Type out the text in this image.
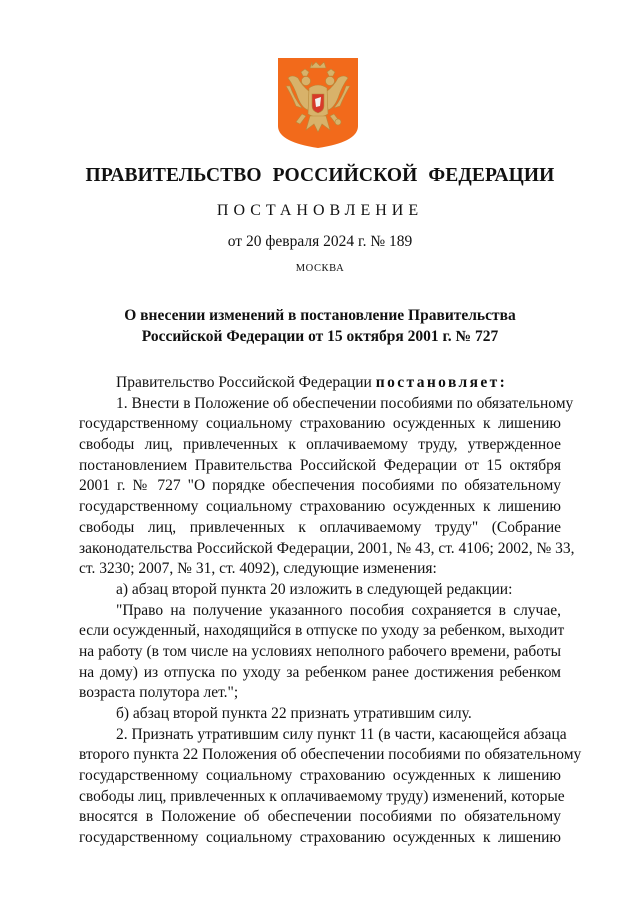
ПРАВИТЕЛЬСТВО РОССИЙСКОЙ ФЕДЕРАЦИИ
ПОСТАНОВЛЕНИЕ
от 20 февраля 2024 г. № 189
МОСКВА
О внесении изменений в постановление Правительства
Российской Федерации от 15 октября 2001 г. № 727
Правительство Российской Федерации постановляет:
1. Внести в Положение об обеспечении пособиями по обязательному
государственному социальному страхованию осужденных к лишению
свободы лиц, привлеченных к оплачиваемому труду, утвержденное
постановлением Правительства Российской Федерации от 15 октября
2001 г. № 727 "О порядке обеспечения пособиями по обязательному
государственному социальному страхованию осужденных к лишению
свободы лиц, привлеченных к оплачиваемому труду" (Собрание
законодательства Российской Федерации, 2001, № 43, ст. 4106; 2002, № 33,
ст. 3230; 2007, № 31, ст. 4092), следующие изменения:
а) абзац второй пункта 20 изложить в следующей редакции:
"Право на получение указанного пособия сохраняется в случае,
если осужденный, находящийся в отпуске по уходу за ребенком, выходит
на работу (в том числе на условиях неполного рабочего времени, работы
на дому) из отпуска по уходу за ребенком ранее достижения ребенком
возраста полутора лет.";
б) абзац второй пункта 22 признать утратившим силу.
2. Признать утратившим силу пункт 11 (в части, касающейся абзаца
второго пункта 22 Положения об обеспечении пособиями по обязательному
государственному социальному страхованию осужденных к лишению
свободы лиц, привлеченных к оплачиваемому труду) изменений, которые
вносятся в Положение об обеспечении пособиями по обязательному
государственному социальному страхованию осужденных к лишению
